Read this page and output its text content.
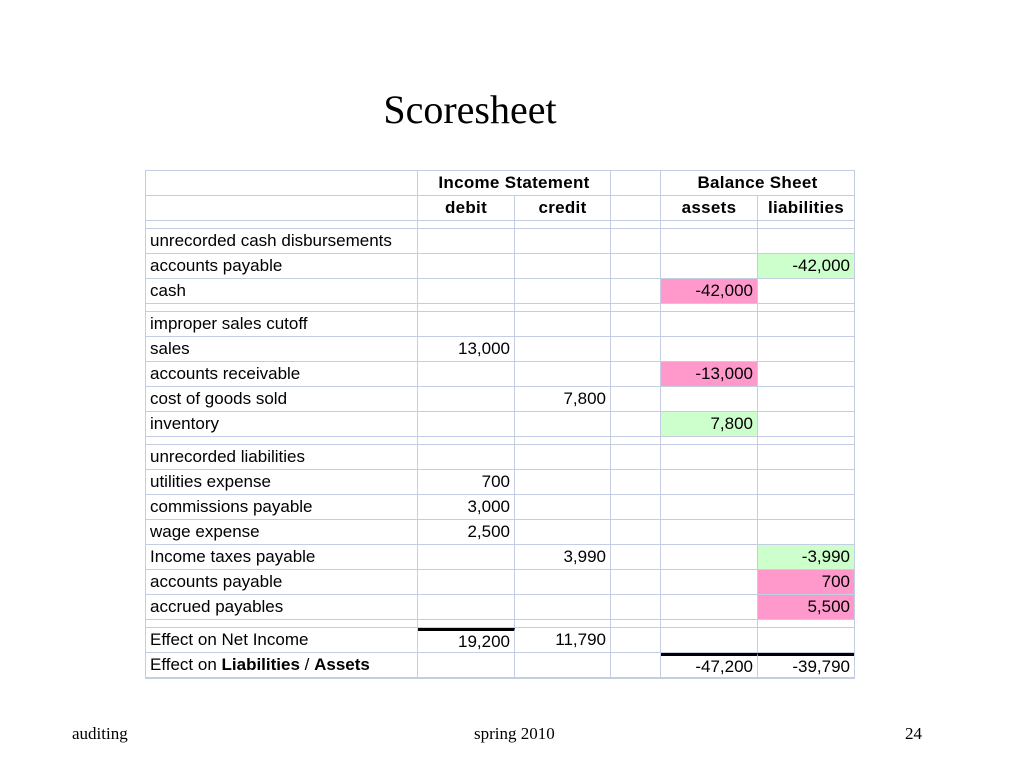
Scoresheet
	Income Statement			Balance Sheet	
	debit	credit		assets	liabilities

unrecorded cash disbursements					
accounts payable					-42,000
cash				-42,000	

improper sales cutoff					
sales	13,000				
accounts receivable				-13,000	
cost of goods sold		7,800			
inventory				7,800	

unrecorded liabilities					
utilities expense	700				
commissions payable	3,000				
wage expense	2,500				
Income taxes payable		3,990			-3,990
accounts payable					700
accrued payables					5,500

Effect on Net Income	19,200	11,790			
Effect on Liabilities / Assets				-47,200	-39,790
auditing	spring 2010	24
